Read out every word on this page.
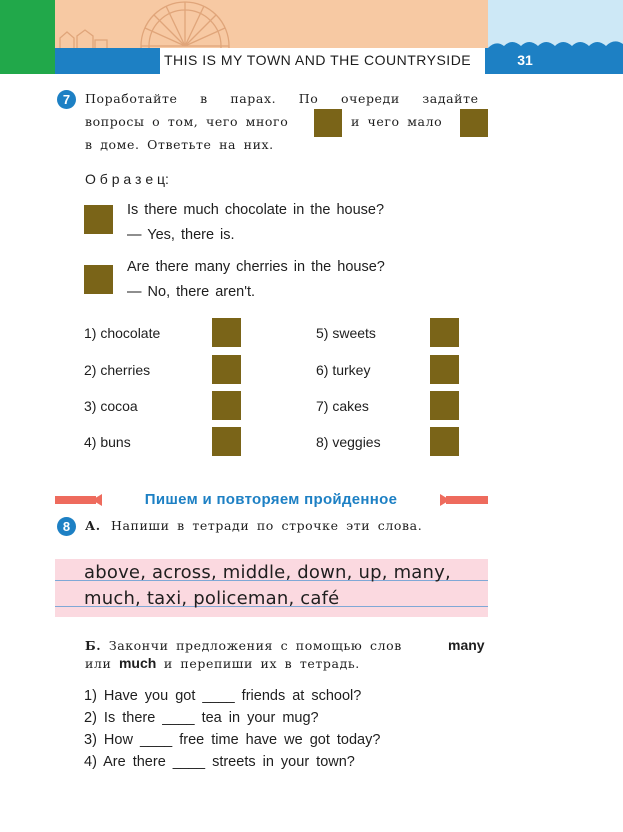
THIS IS MY TOWN AND THE COUNTRYSIDE	31
7	Поработайте в парах. По очереди задайте
вопросы о том, чего много	и чего мало
в доме. Ответьте на них.
О б р а з е ц:
Is there much chocolate in the house?
— Yes, there is.
Are there many cherries in the house?
— No, there aren't.
1) chocolate
2) cherries
3) cocoa
4) buns
5) sweets
6) turkey
7) cakes
8) veggies
Пишем и повторяем пройденное
8	А. Напиши в тетради по строчке эти слова.
above, across, middle, down, up, many,
much, taxi, policeman, café
Б. Закончи предложения с помощью слов	many
или much и перепиши их в тетрадь.
1) Have you got ____ friends at school?
2) Is there ____ tea in your mug?
3) How ____ free time have we got today?
4) Are there ____ streets in your town?
